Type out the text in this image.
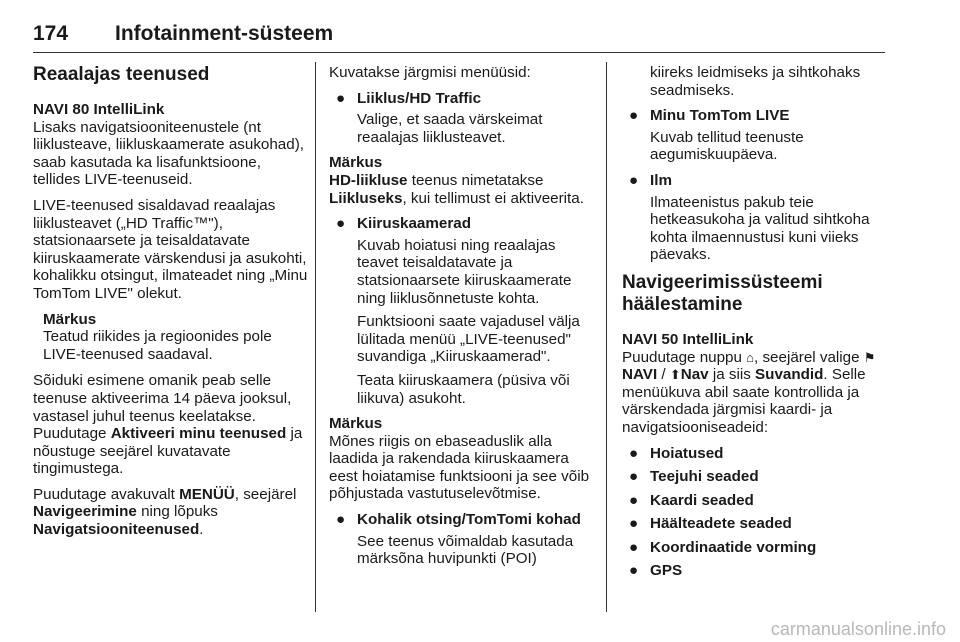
174 Infotainment-süsteem
Reaalajas teenused
NAVI 80 IntelliLink

Lisaks navigatsiooniteenustele (nt liiklusteave, liikluskaamerate asukohad), saab kasutada ka lisafunktsioone, tellides LIVE-teenuseid.

LIVE-teenused sisaldavad reaalajas liiklusteavet („HD Traffic™"), statsionaarsete ja teisaldatavate kiiruskaamerate värskendusi ja asukohti, kohalikku otsingut, ilmateadet ning „Minu TomTom LIVE" olekut.

Märkus
Teatud riikides ja regioonides pole LIVE-teenused saadaval.

Sõiduki esimene omanik peab selle teenuse aktiveerima 14 päeva jooksul, vastasel juhul teenus keelatakse. Puudutage Aktiveeri minu teenused ja nõustuge seejärel kuvatavate tingimustega.

Puudutage avakuvalt MENÜÜ, seejärel Navigeerimine ning lõpuks Navigatsiooniteenused.

Kuvatakse järgmisi menüüsid:

● Liiklus/HD Traffic
Valige, et saada värskeimat reaalajas liiklusteavet.
Märkus
HD-liikluse teenus nimetatakse Liikluseks, kui tellimust ei aktiveerita.
● Kiiruskaamerad
Kuvab hoiatusi ning reaalajas teavet teisaldatavate ja statsionaarsete kiiruskaamerate ning liiklusõnnetuste kohta.
Funktsiooni saate vajadusel välja lülitada menüü „LIVE-teenused" suvandiga „Kiiruskaamerad".
Teata kiiruskaamera (püsiva või liikuva) asukoht.
Märkus
Mõnes riigis on ebaseaduslik alla laadida ja rakendada kiiruskaamera eest hoiatamise funktsiooni ja see võib põhjustada vastutuselevõtmise.
● Kohalik otsing/TomTomi kohad
See teenus võimaldab kasutada märksõna huvipunkti (POI)
kiireks leidmiseks ja sihtkohaks seadmiseks.
● Minu TomTom LIVE
Kuvab tellitud teenuste aegumiskuupäeva.
● Ilm
Ilmateenistus pakub teie hetkeasukoha ja valitud sihtkoha kohta ilmaennustusi kuni viieks päevaks.
Navigeerimissüsteemi häälestamine
NAVI 50 IntelliLink

Puudutage nuppu ⌂, seejärel valige ⚑NAVI / ⬆Nav ja siis Suvandid. Selle menüükuva abil saate kontrollida ja värskendada järgmisi kaardi- ja navigatsiooniseadeid:

● Hoiatused
● Teejuhi seaded
● Kaardi seaded
● Häälteadete seaded
● Koordinaatide vorming
● GPS
carmanualsonline.info
